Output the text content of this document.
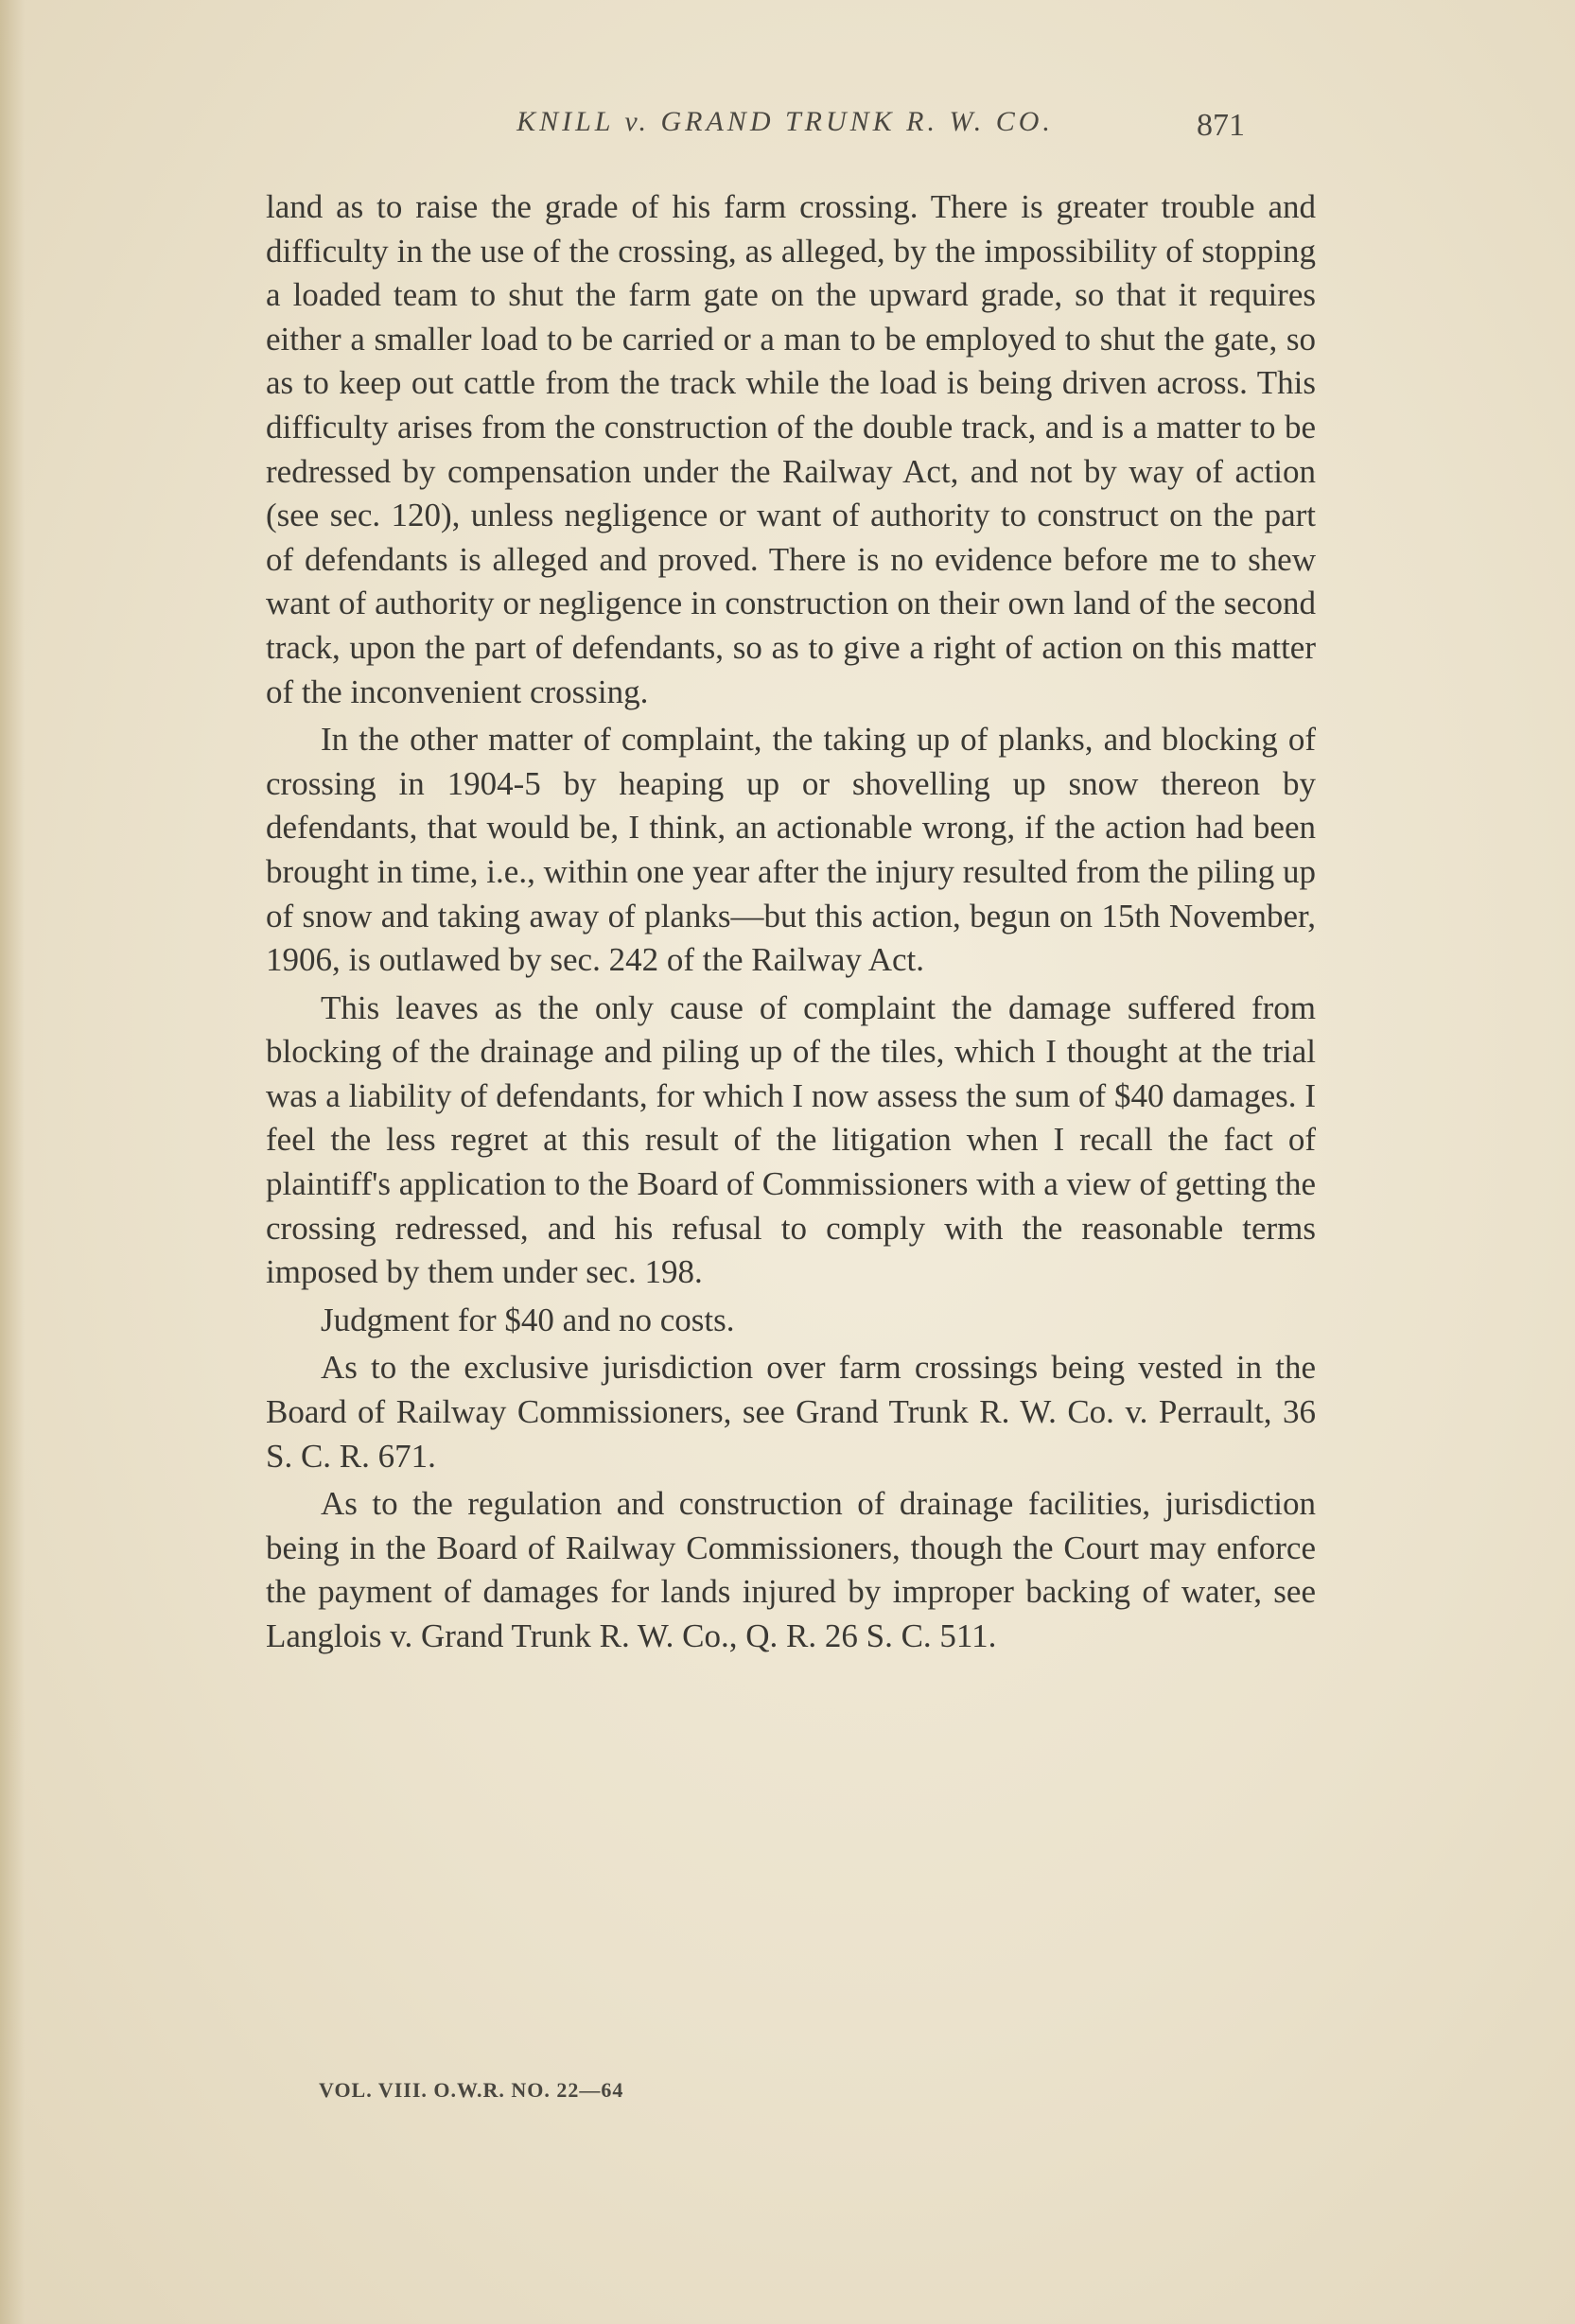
KNILL v. GRAND TRUNK R. W. CO.	871

land as to raise the grade of his farm crossing. There is greater trouble and difficulty in the use of the crossing, as alleged, by the impossibility of stopping a loaded team to shut the farm gate on the upward grade, so that it requires either a smaller load to be carried or a man to be employed to shut the gate, so as to keep out cattle from the track while the load is being driven across. This difficulty arises from the construction of the double track, and is a matter to be redressed by compensation under the Railway Act, and not by way of action (see sec. 120), unless negligence or want of authority to construct on the part of defendants is alleged and proved. There is no evidence before me to shew want of authority or negligence in construction on their own land of the second track, upon the part of defendants, so as to give a right of action on this matter of the inconvenient crossing.

In the other matter of complaint, the taking up of planks, and blocking of crossing in 1904-5 by heaping up or shovelling up snow thereon by defendants, that would be, I think, an actionable wrong, if the action had been brought in time, i.e., within one year after the injury resulted from the piling up of snow and taking away of planks—but this action, begun on 15th November, 1906, is outlawed by sec. 242 of the Railway Act.

This leaves as the only cause of complaint the damage suffered from blocking of the drainage and piling up of the tiles, which I thought at the trial was a liability of defendants, for which I now assess the sum of $40 damages. I feel the less regret at this result of the litigation when I recall the fact of plaintiff's application to the Board of Commissioners with a view of getting the crossing redressed, and his refusal to comply with the reasonable terms imposed by them under sec. 198.

Judgment for $40 and no costs.

As to the exclusive jurisdiction over farm crossings being vested in the Board of Railway Commissioners, see Grand Trunk R. W. Co. v. Perrault, 36 S. C. R. 671.

As to the regulation and construction of drainage facilities, jurisdiction being in the Board of Railway Commissioners, though the Court may enforce the payment of damages for lands injured by improper backing of water, see Langlois v. Grand Trunk R. W. Co., Q. R. 26 S. C. 511.

VOL. VIII. O.W.R. NO. 22—64
